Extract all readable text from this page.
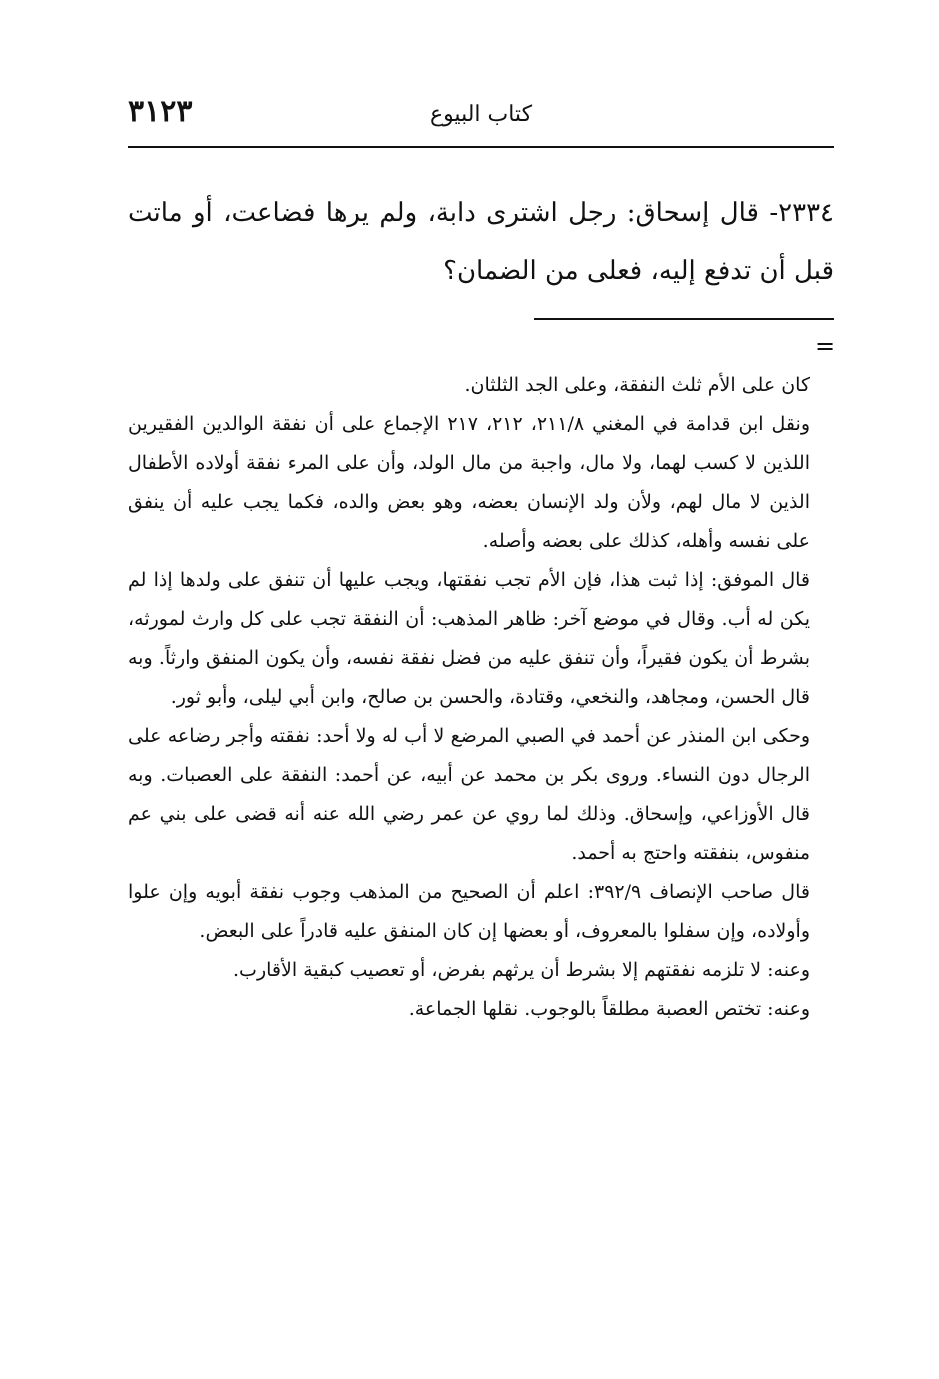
٣١٢٣	كتاب البيوع
٢٣٣٤- قال إسحاق: رجل اشترى دابة، ولم يرها فضاعت، أو ماتت قبل أن تدفع إليه، فعلى من الضمان؟
=

كان على الأم ثلث النفقة، وعلى الجد الثلثان.

ونقل ابن قدامة في المغني ٢١١/٨، ٢١٢، ٢١٧ الإجماع على أن نفقة الوالدين الفقيرين اللذين لا كسب لهما، ولا مال، واجبة من مال الولد، وأن على المرء نفقة أولاده الأطفال الذين لا مال لهم، ولأن ولد الإنسان بعضه، وهو بعض والده، فكما يجب عليه أن ينفق على نفسه وأهله، كذلك على بعضه وأصله.

قال الموفق: إذا ثبت هذا، فإن الأم تجب نفقتها، ويجب عليها أن تنفق على ولدها إذا لم يكن له أب. وقال في موضع آخر: ظاهر المذهب: أن النفقة تجب على كل وارث لمورثه، بشرط أن يكون فقيراً، وأن تنفق عليه من فضل نفقة نفسه، وأن يكون المنفق وارثاً. وبه قال الحسن، ومجاهد، والنخعي، وقتادة، والحسن بن صالح، وابن أبي ليلى، وأبو ثور.

وحكى ابن المنذر عن أحمد في الصبي المرضع لا أب له ولا أحد: نفقته وأجر رضاعه على الرجال دون النساء. وروى بكر بن محمد عن أبيه، عن أحمد: النفقة على العصبات. وبه قال الأوزاعي، وإسحاق. وذلك لما روي عن عمر رضي الله عنه أنه قضى على بني عم منفوس، بنفقته واحتج به أحمد.

قال صاحب الإنصاف ٣٩٢/٩: اعلم أن الصحيح من المذهب وجوب نفقة أبويه وإن علوا وأولاده، وإن سفلوا بالمعروف، أو بعضها إن كان المنفق عليه قادراً على البعض.

وعنه: لا تلزمه نفقتهم إلا بشرط أن يرثهم بفرض، أو تعصيب كبقية الأقارب.

وعنه: تختص العصبة مطلقاً بالوجوب. نقلها الجماعة.
